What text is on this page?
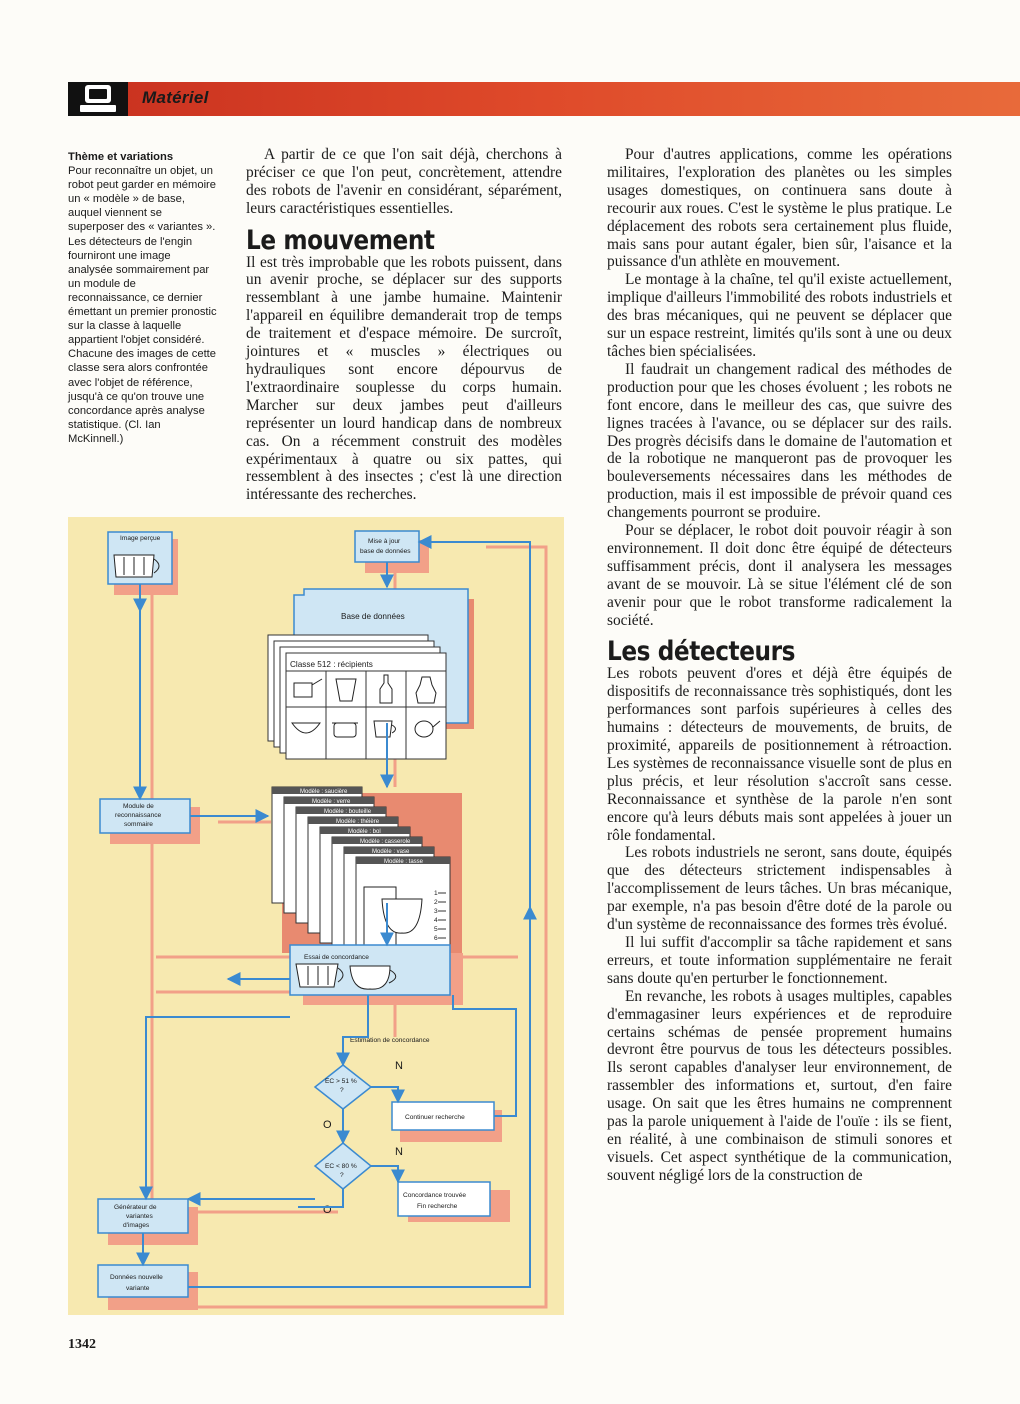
Matériel
Thème et variations
Pour reconnaître un objet, un robot peut garder en mémoire un « modèle » de base, auquel viennent se superposer des « variantes ». Les détecteurs de l'engin fourniront une image analysée sommairement par un module de reconnaissance, ce dernier émettant un premier pronostic sur la classe à laquelle appartient l'objet considéré. Chacune des images de cette classe sera alors confrontée avec l'objet de référence, jusqu'à ce qu'on trouve une concordance après analyse statistique. (Cl. Ian McKinnell.)

A partir de ce que l'on sait déjà, cherchons à préciser ce que l'on peut, concrètement, attendre des robots de l'avenir en considérant, séparément, leurs caractéristiques essentielles.

Le mouvement

Il est très improbable que les robots puissent, dans un avenir proche, se déplacer sur des supports ressemblant à une jambe humaine. Maintenir l'appareil en équilibre demanderait trop de temps de traitement et d'espace mémoire. De surcroît, jointures et « muscles » électriques ou hydrauliques sont encore dépourvus de l'extraordinaire souplesse du corps humain. Marcher sur deux jambes peut d'ailleurs représenter un lourd handicap dans de nombreux cas. On a récemment construit des modèles expérimentaux à quatre ou six pattes, qui ressemblent à des insectes ; c'est là une direction intéressante des recherches.

Pour d'autres applications, comme les opérations militaires, l'exploration des planètes ou les simples usages domestiques, on continuera sans doute à recourir aux roues. C'est le système le plus pratique. Le déplacement des robots sera certainement plus fluide, mais sans pour autant égaler, bien sûr, l'aisance et la puissance d'un athlète en mouvement.

Le montage à la chaîne, tel qu'il existe actuellement, implique d'ailleurs l'immobilité des robots industriels et des bras mécaniques, qui ne peuvent se déplacer que sur un espace restreint, limités qu'ils sont à une ou deux tâches bien spécialisées.

Il faudrait un changement radical des méthodes de production pour que les choses évoluent ; les robots ne font encore, dans le meilleur des cas, que suivre des lignes tracées à l'avance, ou se déplacer sur des rails. Des progrès décisifs dans le domaine de l'automation et de la robotique ne manqueront pas de provoquer les bouleversements nécessaires dans les méthodes de production, mais il est impossible de prévoir quand ces changements pourront se produire.

Pour se déplacer, le robot doit pouvoir réagir à son environnement. Il doit donc être équipé de détecteurs suffisamment précis, dont il analysera les messages avant de se mouvoir. Là se situe l'élément clé de son avenir pour que le robot transforme radicalement la société.

Les détecteurs

Les robots peuvent d'ores et déjà être équipés de dispositifs de reconnaissance très sophistiqués, dont les performances sont parfois supérieures à celles des humains : détecteurs de mouvements, de bruits, de proximité, appareils de positionnement à rétroaction. Les systèmes de reconnaissance visuelle sont de plus en plus précis, et leur résolution s'accroît sans cesse. Reconnaissance et synthèse de la parole n'en sont encore qu'à leurs débuts mais sont appelées à jouer un rôle fondamental.

Les robots industriels ne seront, sans doute, équipés que des détecteurs strictement indispensables à l'accomplissement de leurs tâches. Un bras mécanique, par exemple, n'a pas besoin d'être doté de la parole ou d'un système de reconnaissance des formes très évolué.

Il lui suffit d'accomplir sa tâche rapidement et sans erreurs, et toute information supplémentaire ne ferait sans doute qu'en perturber le fonctionnement.

En revanche, les robots à usages multiples, capables d'emmagasiner leurs expériences et de reproduire certains schémas de pensée proprement humains devront être pourvus de tous les détecteurs possibles. Ils seront capables d'analyser leur environnement, de rassembler des informations et, surtout, d'en faire usage. On sait que les êtres humains ne comprennent pas la parole uniquement à l'aide de l'ouïe : ils se fient, en réalité, à une combinaison de stimuli sonores et visuels. Cet aspect synthétique de la communication, souvent négligé lors de la construction de

Base de données
Classe 512 : récipients
Modèle : saucière
Modèle : verre
Modèle : bouteille
Modèle : théière
Modèle : bol
Modèle : casserole
Modèle : vase
Modèle : tasse
1
2
3
4
5
6
Image perçue	Mise à jour
base de données
Module de
reconnaissance
sommaire
Essai de concordance
Estimation de concordance
EC > 51 %
?
EC < 80 %
?
N
O
N
O
Continuer recherche
Concordance trouvée
Fin recherche
Générateur de
variantes
d'images
Données nouvelle
variante
1342
